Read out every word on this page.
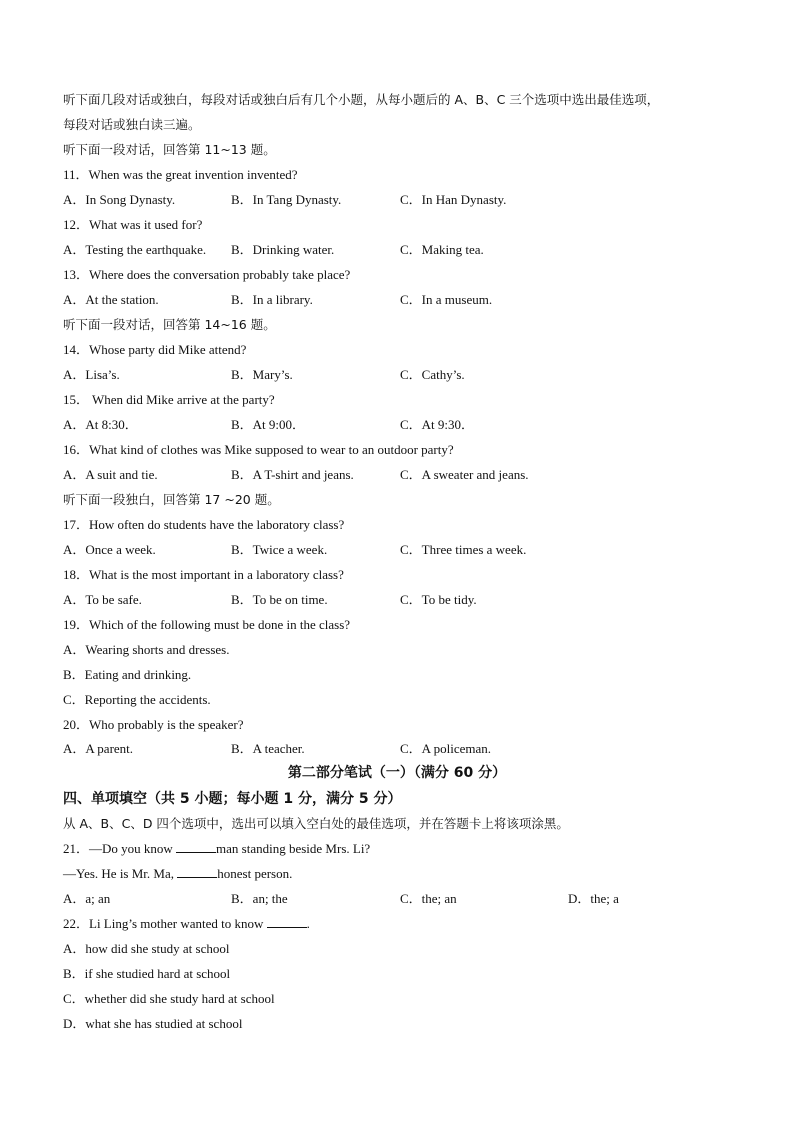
听下面几段对话或独白，每段对话或独白后有几个小题，从每小题后的 A、B、C 三个选项中选出最佳选项，
每段对话或独白读三遍。
听下面一段对话，回答第 11~13 题。
11．When was the great invention invented?
A．In Song Dynasty.	B．In Tang Dynasty.	C．In Han Dynasty.
12．What was it used for?
A．Testing the earthquake. B．Drinking water.	C．Making tea.
13．Where does the conversation probably take place?
A．At the station.	B．In a library.	C．In a museum.
听下面一段对话，回答第 14~16 题。
14．Whose party did Mike attend?
A．Lisa’s.	B．Mary’s.	C．Cathy’s.
15． When did Mike arrive at the party?
A．At 8:30．	B．At 9:00．	C．At 9:30．
16．What kind of clothes was Mike supposed to wear to an outdoor party?
A．A suit and tie.	B．A T-shirt and jeans.	C．A sweater and jeans.
听下面一段独白，回答第 17 ~20 题。
17．How often do students have the laboratory class?
A．Once a week.	B．Twice a week.	C．Three times a week.
18．What is the most important in a laboratory class?
A．To be safe.	B．To be on time.	C．To be tidy.
19．Which of the following must be done in the class?
A．Wearing shorts and dresses.
B．Eating and drinking.
C．Reporting the accidents.
20．Who probably is the speaker?
A．A parent.	B．A teacher.	C．A policeman.
第二部分笔试（一）（满分 60 分）
四、单项填空（共 5 小题；每小题 1 分，满分 5 分）
从 A、B、C、D 四个选项中，选出可以填入空白处的最佳选项，并在答题卡上将该项涂黑。
21．—Do you know	man standing beside Mrs. Li?
—Yes. He is Mr. Ma,	honest person.
A．a; an	B．an; the	C．the; an	D．the; a
22．Li Ling’s mother wanted to know	.
A．how did she study at school
B．if she studied hard at school
C．whether did she study hard at school
D．what she has studied at school
